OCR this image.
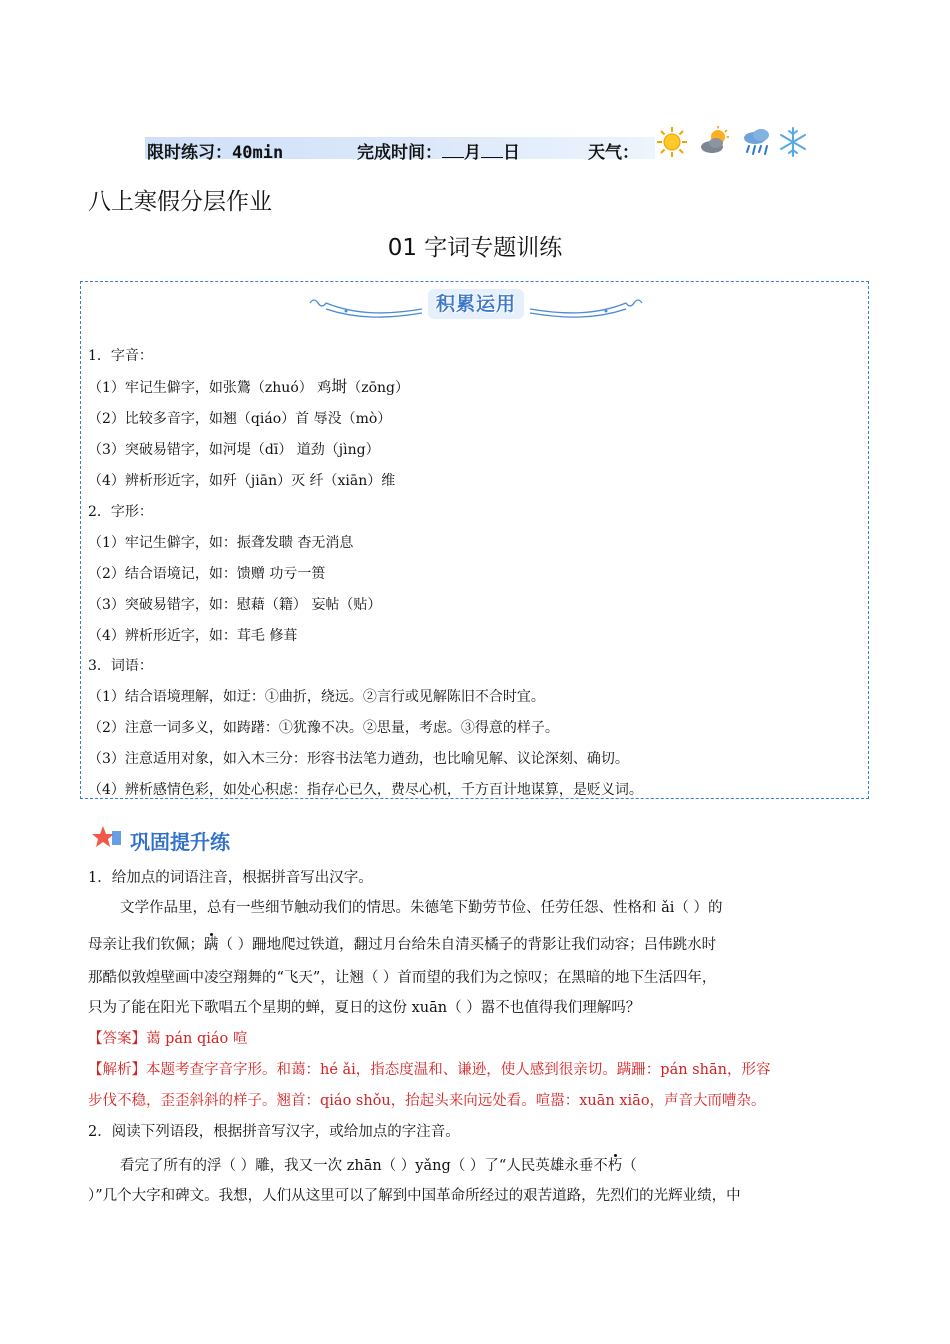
限时练习：40min	完成时间： 月 日	天气：
八上寒假分层作业
01 字词专题训练
积累运用
1．字音：
（1）牢记生僻字，如张鷟（zhuó） 鸡埘（zōng）
（2）比较多音字，如翘（qiáo）首 辱没（mò）
（3）突破易错字，如河堤（dī） 道劲（jìng）
（4）辨析形近字，如歼（jiān）灭 纤（xiān）维
2．字形：
（1）牢记生僻字，如：振聋发聩 杳无消息
（2）结合语境记，如：馈赠 功亏一篑
（3）突破易错字，如：慰藉（籍） 妄帖（贴）
（4）辨析形近字，如：茸毛 修葺
3．词语：
（1）结合语境理解，如迂：①曲折，绕远。②言行或见解陈旧不合时宜。
（2）注意一词多义，如踌躇：①犹豫不决。②思量，考虑。③得意的样子。
（3）注意适用对象，如入木三分：形容书法笔力遒劲，也比喻见解、议论深刻、确切。
（4）辨析感情色彩，如处心积虑：指存心已久，费尽心机，千方百计地谋算，是贬义词。
巩固提升练
1．给加点的词语注音，根据拼音写出汉字。
文学作品里，总有一些细节触动我们的情思。朱德笔下勤劳节俭、任劳任怨、性格和 ǎi（ ）的
母亲让我们钦佩；蹒（ ）跚地爬过铁道，翻过月台给朱自清买橘子的背影让我们动容；吕伟跳水时
那酷似敦煌壁画中凌空翔舞的“飞天”，让翘（ ）首而望的我们为之惊叹；在黑暗的地下生活四年，
只为了能在阳光下歌唱五个星期的蝉，夏日的这份 xuān（ ）嚣不也值得我们理解吗？
【答案】蔼 pán qiáo 喧
【解析】本题考查字音字形。和蔼：hé ǎi，指态度温和、谦逊，使人感到很亲切。蹒跚：pán shān，形容
步伐不稳，歪歪斜斜的样子。翘首：qiáo shǒu，抬起头来向远处看。喧嚣：xuān xiāo，声音大而嘈杂。
2．阅读下列语段，根据拼音写汉字，或给加点的字注音。
看完了所有的浮（ ）雕，我又一次 zhān（ ）yǎng（ ）了“人民英雄永垂不朽（
）”几个大字和碑文。我想，人们从这里可以了解到中国革命所经过的艰苦道路，先烈们的光辉业绩，中
